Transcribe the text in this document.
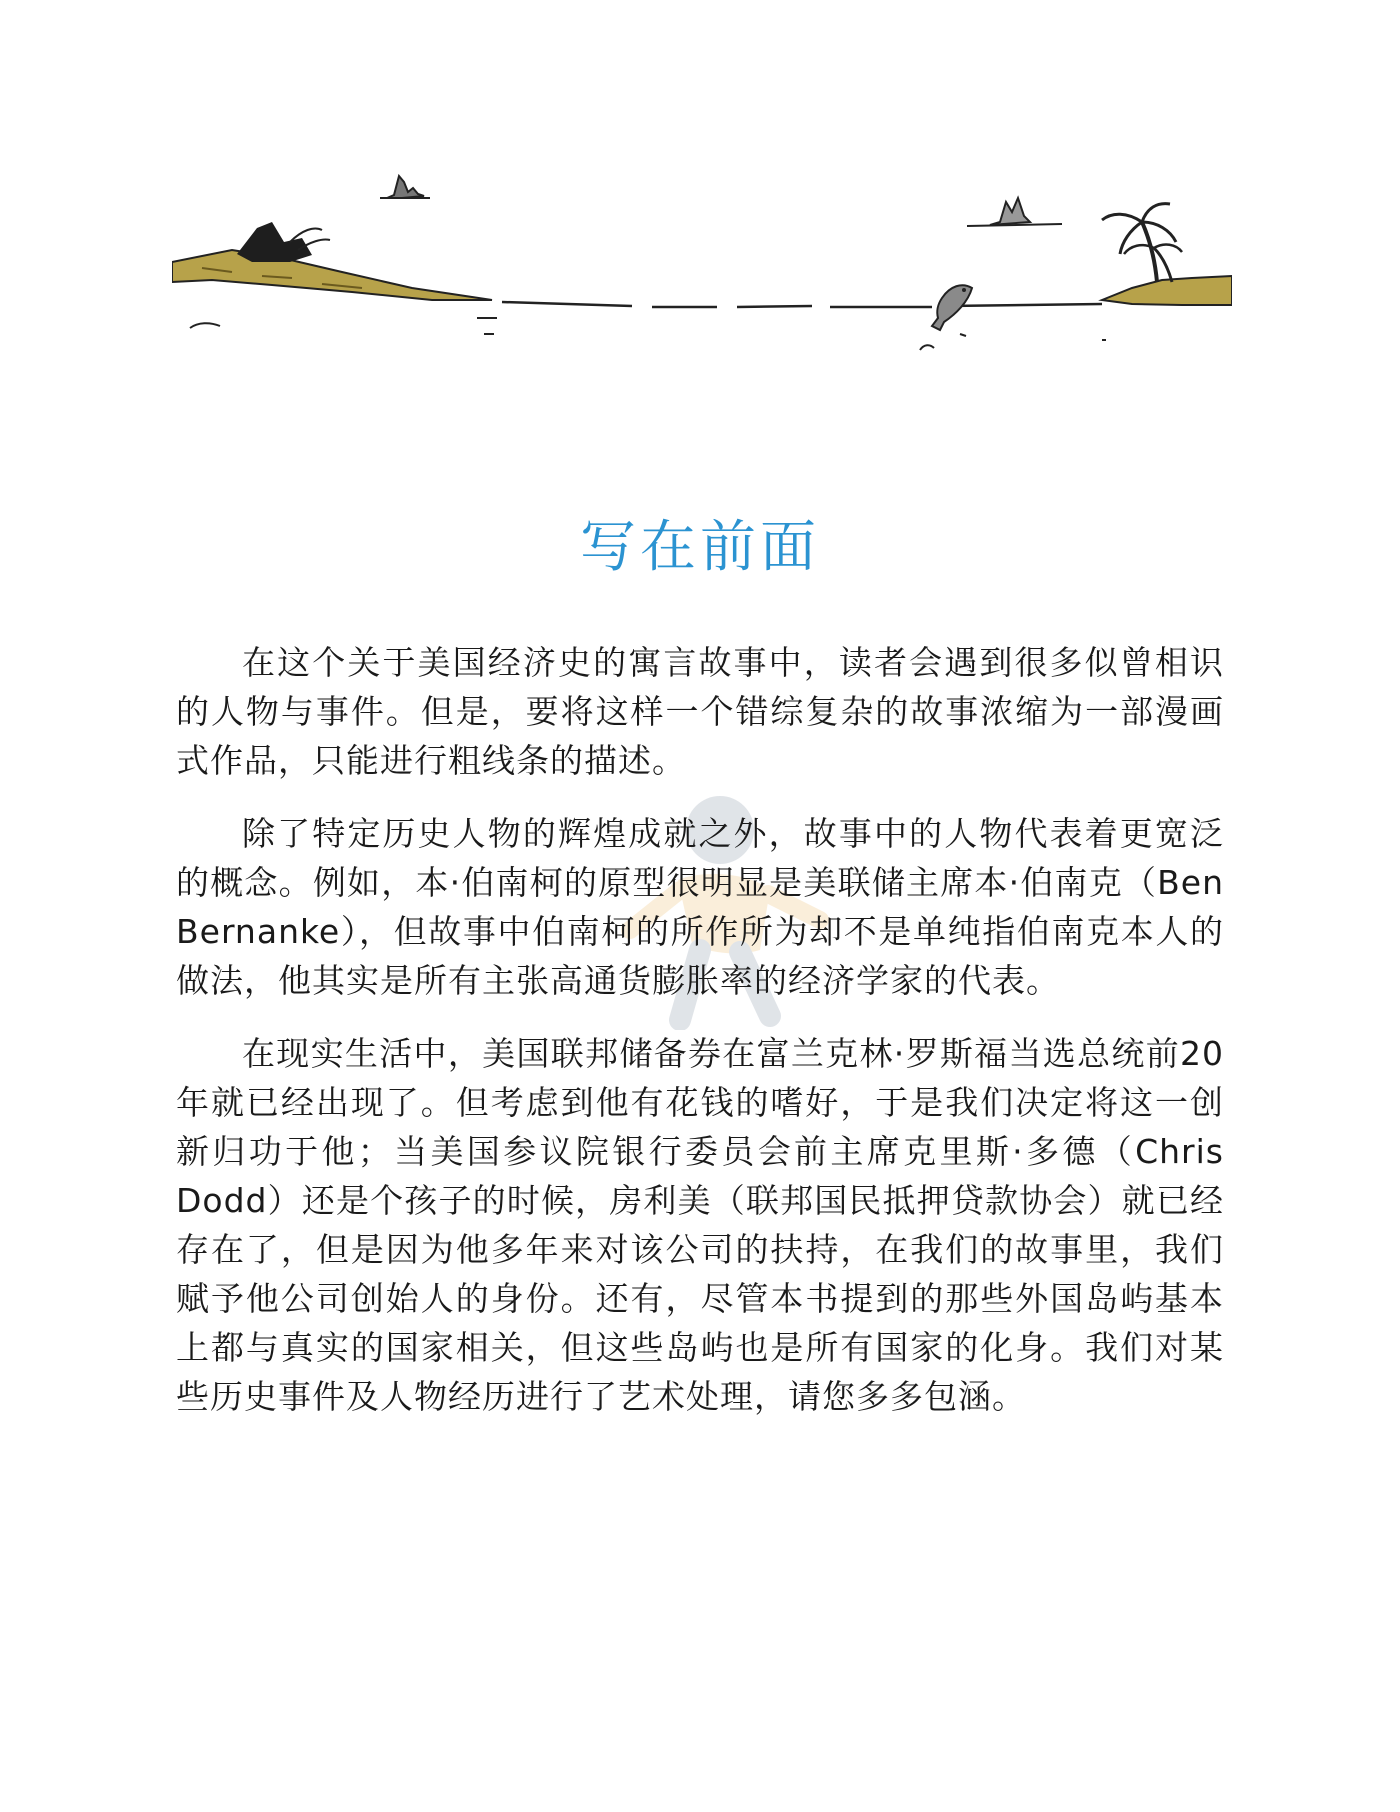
写在前面

在这个关于美国经济史的寓言故事中，读者会遇到很多似曾相识的人物与事件。但是，要将这样一个错综复杂的故事浓缩为一部漫画式作品，只能进行粗线条的描述。

除了特定历史人物的辉煌成就之外，故事中的人物代表着更宽泛的概念。例如，本·伯南柯的原型很明显是美联储主席本·伯南克（Ben Bernanke），但故事中伯南柯的所作所为却不是单纯指伯南克本人的做法，他其实是所有主张高通货膨胀率的经济学家的代表。

在现实生活中，美国联邦储备券在富兰克林·罗斯福当选总统前20年就已经出现了。但考虑到他有花钱的嗜好，于是我们决定将这一创新归功于他；当美国参议院银行委员会前主席克里斯·多德（Chris Dodd）还是个孩子的时候，房利美（联邦国民抵押贷款协会）就已经存在了，但是因为他多年来对该公司的扶持，在我们的故事里，我们赋予他公司创始人的身份。还有，尽管本书提到的那些外国岛屿基本上都与真实的国家相关，但这些岛屿也是所有国家的化身。我们对某些历史事件及人物经历进行了艺术处理，请您多多包涵。
